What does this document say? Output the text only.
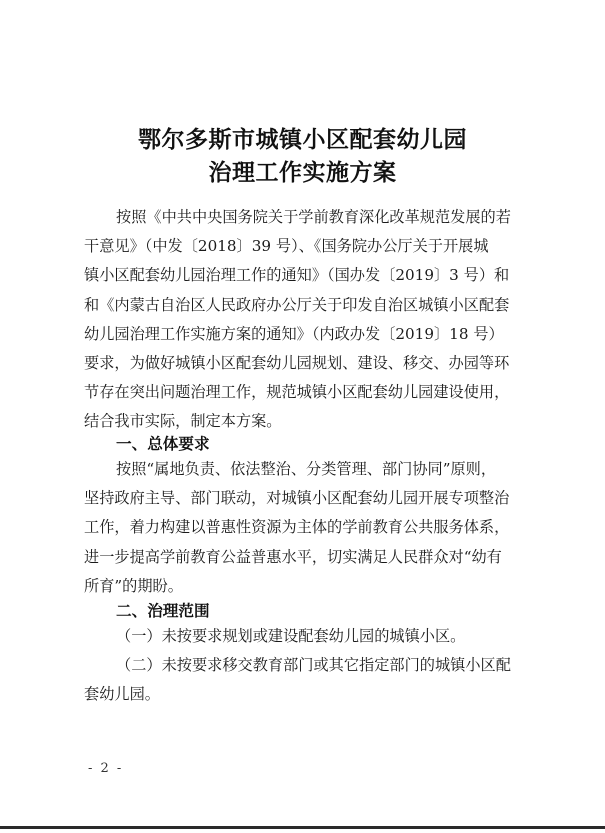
鄂尔多斯市城镇小区配套幼儿园
治理工作实施方案
按照《中共中央国务院关于学前教育深化改革规范发展的若
干意见》（中发〔2018〕39 号）、《国务院办公厅关于开展城
镇小区配套幼儿园治理工作的通知》（国办发〔2019〕3 号）和
和《内蒙古自治区人民政府办公厅关于印发自治区城镇小区配套
幼儿园治理工作实施方案的通知》（内政办发〔2019〕18 号）
要求，为做好城镇小区配套幼儿园规划、建设、移交、办园等环
节存在突出问题治理工作，规范城镇小区配套幼儿园建设使用，
结合我市实际，制定本方案。
一、总体要求
按照“属地负责、依法整治、分类管理、部门协同”原则，
坚持政府主导、部门联动，对城镇小区配套幼儿园开展专项整治
工作，着力构建以普惠性资源为主体的学前教育公共服务体系，
进一步提高学前教育公益普惠水平，切实满足人民群众对“幼有
所育”的期盼。
二、治理范围
（一）未按要求规划或建设配套幼儿园的城镇小区。
（二）未按要求移交教育部门或其它指定部门的城镇小区配
套幼儿园。
- 2 -
